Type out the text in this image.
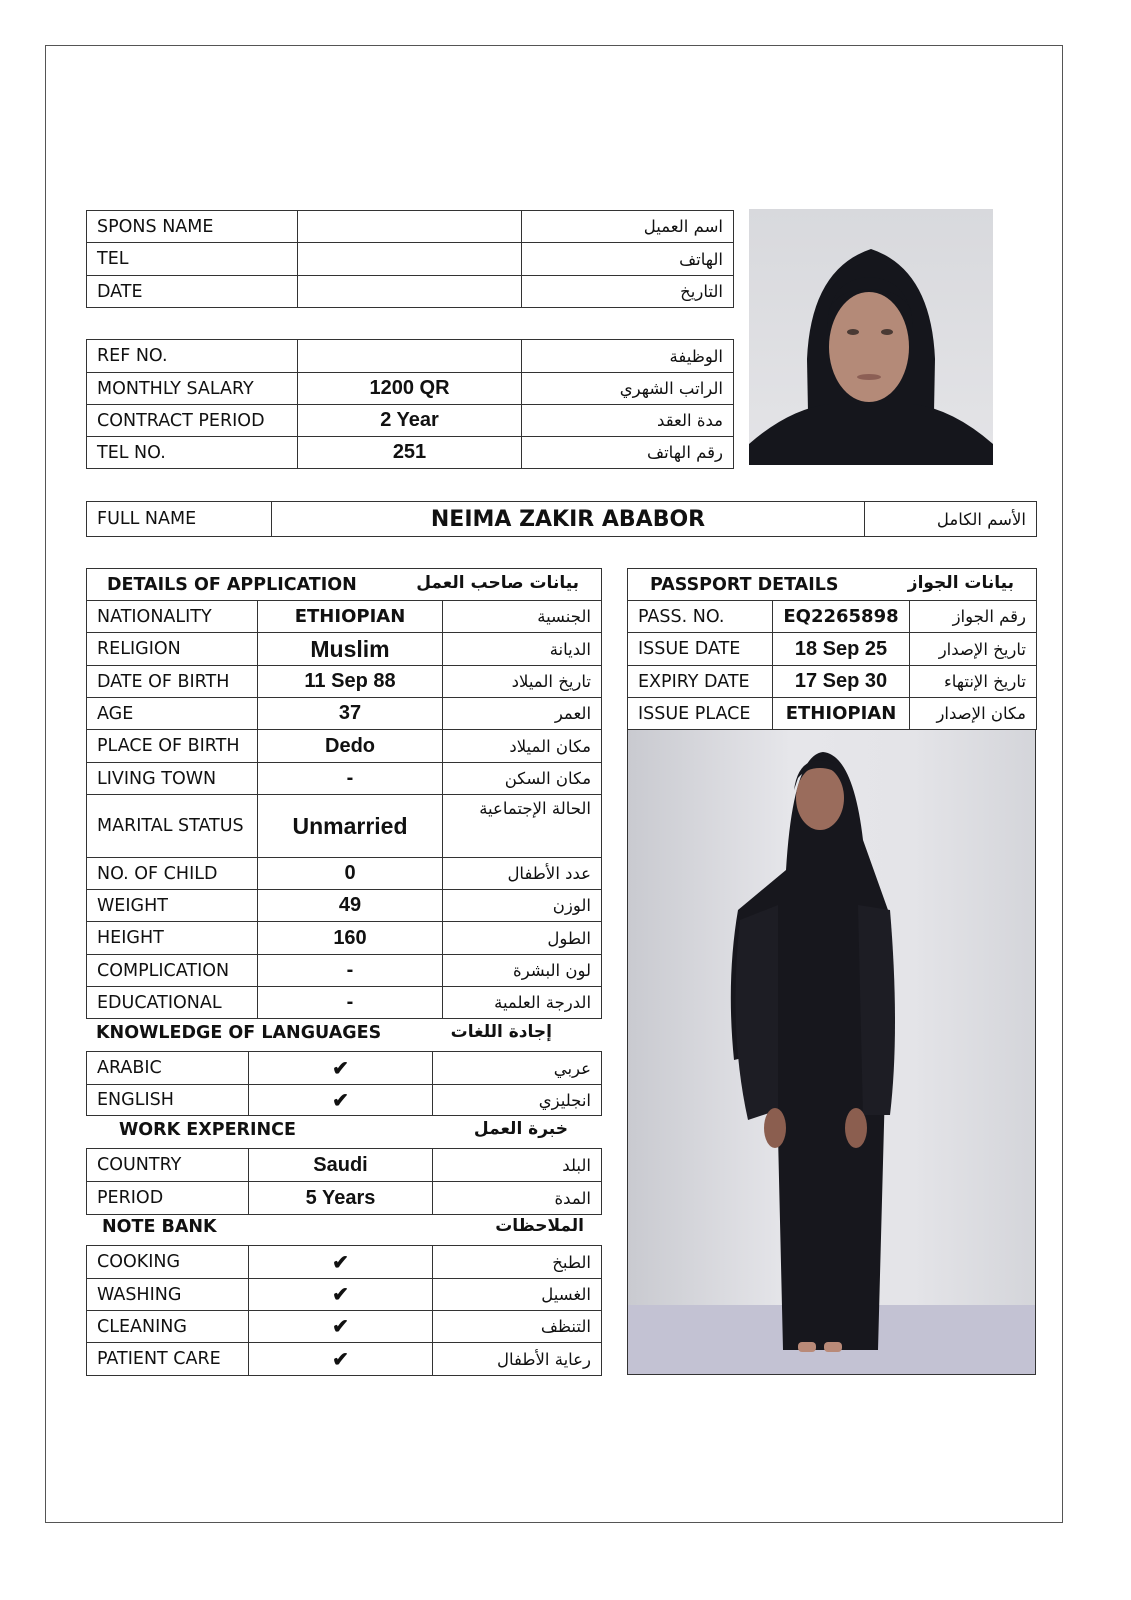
SPONS NAME		اسم العميل
TEL		الهاتف
DATE		التاريخ
REF NO.		الوظيفة
MONTHLY SALARY	1200 QR	الراتب الشهري
CONTRACT PERIOD	2 Year	مدة العقد
TEL NO.	251	رقم الهاتف
FULL NAME	NEIMA ZAKIR ABABOR	الأسم الكامل
DETAILS OF APPLICATION بيانات صاحب العمل		

NATIONALITY	ETHIOPIAN	الجنسية
RELIGION	Muslim	الديانة
DATE OF BIRTH	11 Sep 88	تاريخ الميلاد
AGE	37	العمر
PLACE OF BIRTH	Dedo	مكان الميلاد
LIVING TOWN	-	مكان السكن
MARITAL STATUS	Unmarried	الحالة الإجتماعية
NO. OF CHILD	0	عدد الأطفال
WEIGHT	49	الوزن
HEIGHT	160	الطول
COMPLICATION	-	لون البشرة
EDUCATIONAL	-	الدرجة العلمية
KNOWLEDGE OF LANGUAGES	إجادة اللغات
ARABIC	✔	عربي
ENGLISH	✔	انجليزي
WORK EXPERINCE	خبرة العمل
COUNTRY	Saudi	البلد
PERIOD	5 Years	المدة
NOTE BANK	الملاحظات
COOKING	✔	الطبخ
WASHING	✔	الغسيل
CLEANING	✔	التنظف
PATIENT CARE	✔	رعاية الأطفال
PASSPORT DETAILS بيانات الجواز		

PASS. NO.	EQ2265898	رقم الجواز
ISSUE DATE	18 Sep 25	تاريخ الإصدار
EXPIRY DATE	17 Sep 30	تاريخ الإنتهاء
ISSUE PLACE	ETHIOPIAN	مكان الإصدار
